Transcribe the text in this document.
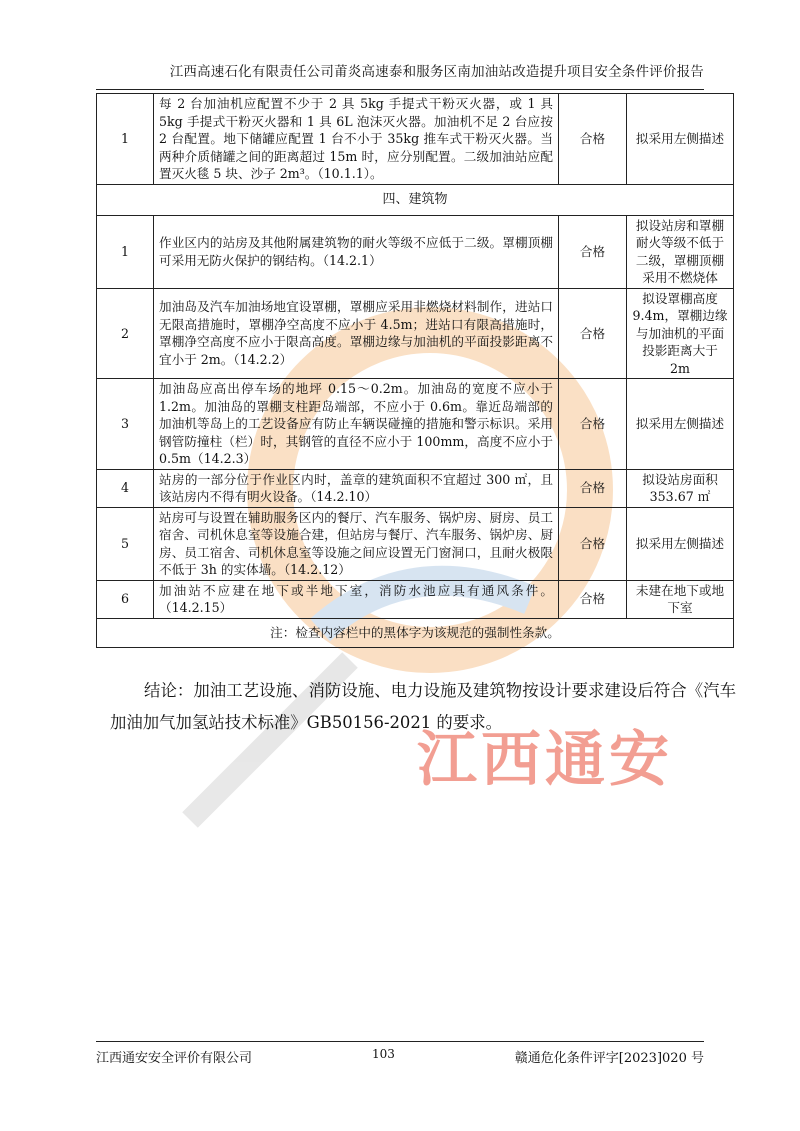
江西高速石化有限责任公司莆炎高速泰和服务区南加油站改造提升项目安全条件评价报告
江西通安
1	每 2 台加油机应配置不少于 2 具 5kg 手提式干粉灭火器，或 1 具 5kg 手提式干粉灭火器和 1 具 6L 泡沫灭火器。加油机不足 2 台应按 2 台配置。地下储罐应配置 1 台不小于 35kg 推车式干粉灭火器。当两种介质储罐之间的距离超过 15m 时，应分别配置。二级加油站应配置灭火毯 5 块、沙子 2m³。（10.1.1）。	合格	拟采用左侧描述
四、建筑物			
1	作业区内的站房及其他附属建筑物的耐火等级不应低于二级。罩棚顶棚可采用无防火保护的钢结构。（14.2.1）	合格	拟设站房和罩棚耐火等级不低于二级，罩棚顶棚采用不燃烧体
2	加油岛及汽车加油场地宜设罩棚，罩棚应采用非燃烧材料制作，进站口无限高措施时，罩棚净空高度不应小于 4.5m；进站口有限高措施时，罩棚净空高度不应小于限高高度。罩棚边缘与加油机的平面投影距离不宜小于 2m。（14.2.2）	合格	拟设罩棚高度 9.4m，罩棚边缘与加油机的平面投影距离大于 2m
3	加油岛应高出停车场的地坪 0.15～0.2m。加油岛的宽度不应小于 1.2m。加油岛的罩棚支柱距岛端部，不应小于 0.6m。靠近岛端部的加油机等岛上的工艺设备应有防止车辆误碰撞的措施和警示标识。采用钢管防撞柱（栏）时，其钢管的直径不应小于 100mm，高度不应小于 0.5m（14.2.3）	合格	拟采用左侧描述
4	站房的一部分位于作业区内时，盖章的建筑面积不宜超过 300 ㎡，且该站房内不得有明火设备。（14.2.10）	合格	拟设站房面积 353.67 ㎡
5	站房可与设置在辅助服务区内的餐厅、汽车服务、锅炉房、厨房、员工宿舍、司机休息室等设施合建，但站房与餐厅、汽车服务、锅炉房、厨房、员工宿舍、司机休息室等设施之间应设置无门窗洞口，且耐火极限不低于 3h 的实体墙。（14.2.12）	合格	拟采用左侧描述
6	加油站不应建在地下或半地下室，消防水池应具有通风条件。（14.2.15）	合格	未建在地下或地下室
注：检查内容栏中的黑体字为该规范的强制性条款。			
结论：加油工艺设施、消防设施、电力设施及建筑物按设计要求建设后符合《汽车加油加气加氢站技术标准》GB50156-2021 的要求。
江西通安安全评价有限公司	103	赣通危化条件评字[2023]020 号
